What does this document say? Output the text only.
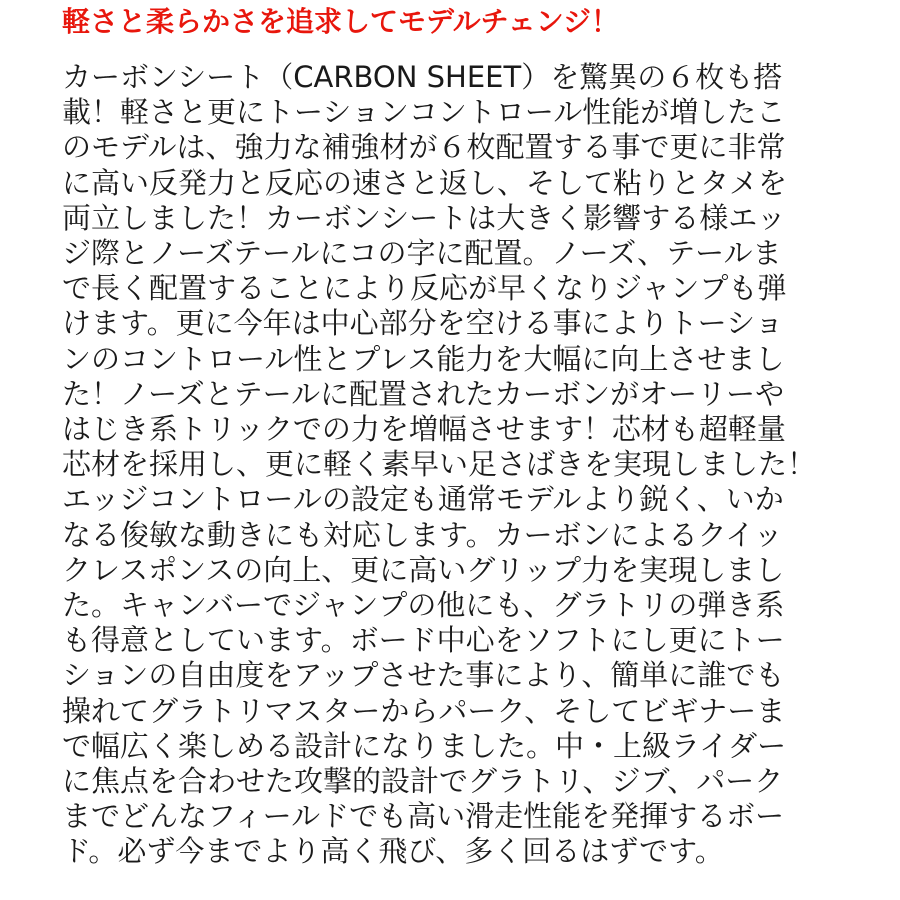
軽さと柔らかさを追求してモデルチェンジ！
カーボンシート（CARBON SHEET）を驚異の６枚も搭
載！軽さと更にトーションコントロール性能が増したこ
のモデルは、強力な補強材が６枚配置する事で更に非常
に高い反発力と反応の速さと返し、そして粘りとタメを
両立しました！カーボンシートは大きく影響する様エッ
ジ際とノーズテールにコの字に配置。ノーズ、テールま
で長く配置することにより反応が早くなりジャンプも弾
けます。更に今年は中心部分を空ける事によりトーショ
ンのコントロール性とプレス能力を大幅に向上させまし
た！ノーズとテールに配置されたカーボンがオーリーや
はじき系トリックでの力を増幅させます！芯材も超軽量
芯材を採用し、更に軽く素早い足さばきを実現しました！
エッジコントロールの設定も通常モデルより鋭く、いか
なる俊敏な動きにも対応します。カーボンによるクイッ
クレスポンスの向上、更に高いグリップ力を実現しまし
た。キャンバーでジャンプの他にも、グラトリの弾き系
も得意としています。ボード中心をソフトにし更にトー
ションの自由度をアップさせた事により、簡単に誰でも
操れてグラトリマスターからパーク、そしてビギナーま
で幅広く楽しめる設計になりました。中・上級ライダー
に焦点を合わせた攻撃的設計でグラトリ、ジブ、パーク
までどんなフィールドでも高い滑走性能を発揮するボー
ド。必ず今までより高く飛び、多く回るはずです。
